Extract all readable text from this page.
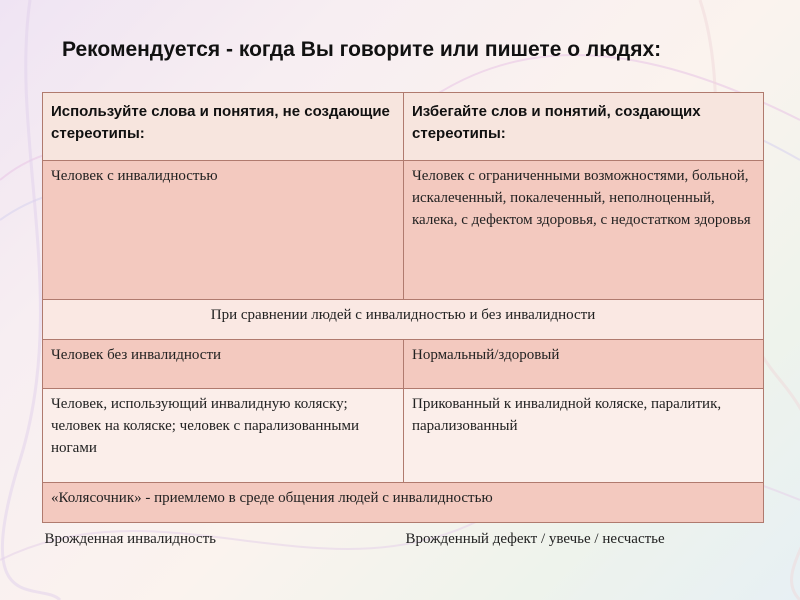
Рекомендуется - когда Вы говорите или пишете о людях:
Используйте слова и понятия, не создающие стереотипы:	Избегайте слов и понятий, создающих стереотипы:
Человек с инвалидностью	Человек с ограниченными возможностями, больной, искалеченный, покалеченный, неполноценный, калека, с дефектом здоровья, с недостатком здоровья
При сравнении людей с инвалидностью и без инвалидности	
Человек без инвалидности	Нормальный/здоровый
Человек, использующий инвалидную коляску; человек на коляске; человек с парализованными ногами	Прикованный к инвалидной коляске, паралитик, парализованный
«Колясочник» - приемлемо в среде общения людей с инвалидностью	
Врожденная инвалидность	Врожденный дефект / увечье / несчастье
